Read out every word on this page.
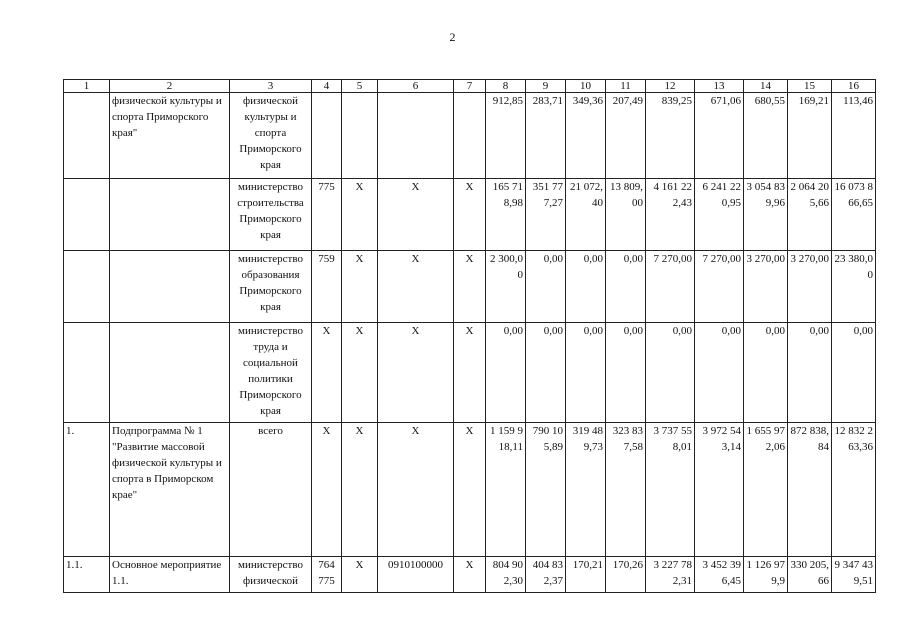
2
1	2	3	4	5	6	7	8	9	10	11	12	13	14	15	16
	физической культуры и спорта Приморского края"	физической культуры и спорта Приморского края					912,85	283,71	349,36	207,49	839,25	671,06	680,55	169,21	113,46
		министерство строительства Приморского края	775	X	X	X	165 718,98	351 777,27	21 072,40	13 809,00	4 161 222,43	6 241 220,95	3 054 839,96	2 064 205,66	16 073 866,65
		министерство образования Приморского края	759	X	X	X	2 300,00	0,00	0,00	0,00	7 270,00	7 270,00	3 270,00	3 270,00	23 380,00
		министерство труда и социальной политики Приморского края	X	X	X	X	0,00	0,00	0,00	0,00	0,00	0,00	0,00	0,00	0,00
1.	Подпрограмма № 1 "Развитие массовой физической культуры и спорта в Приморском крае"	всего	X	X	X	X	1 159 918,11	790 105,89	319 489,73	323 837,58	3 737 558,01	3 972 543,14	1 655 972,06	872 838,84	12 832 263,36
1.1.	Основное мероприятие 1.1.	министерство физической	764 775	X	0910100000	X	804 902,30	404 832,37	170,21	170,26	3 227 782,31	3 452 396,45	1 126 979,9	330 205,66	9 347 439,51
